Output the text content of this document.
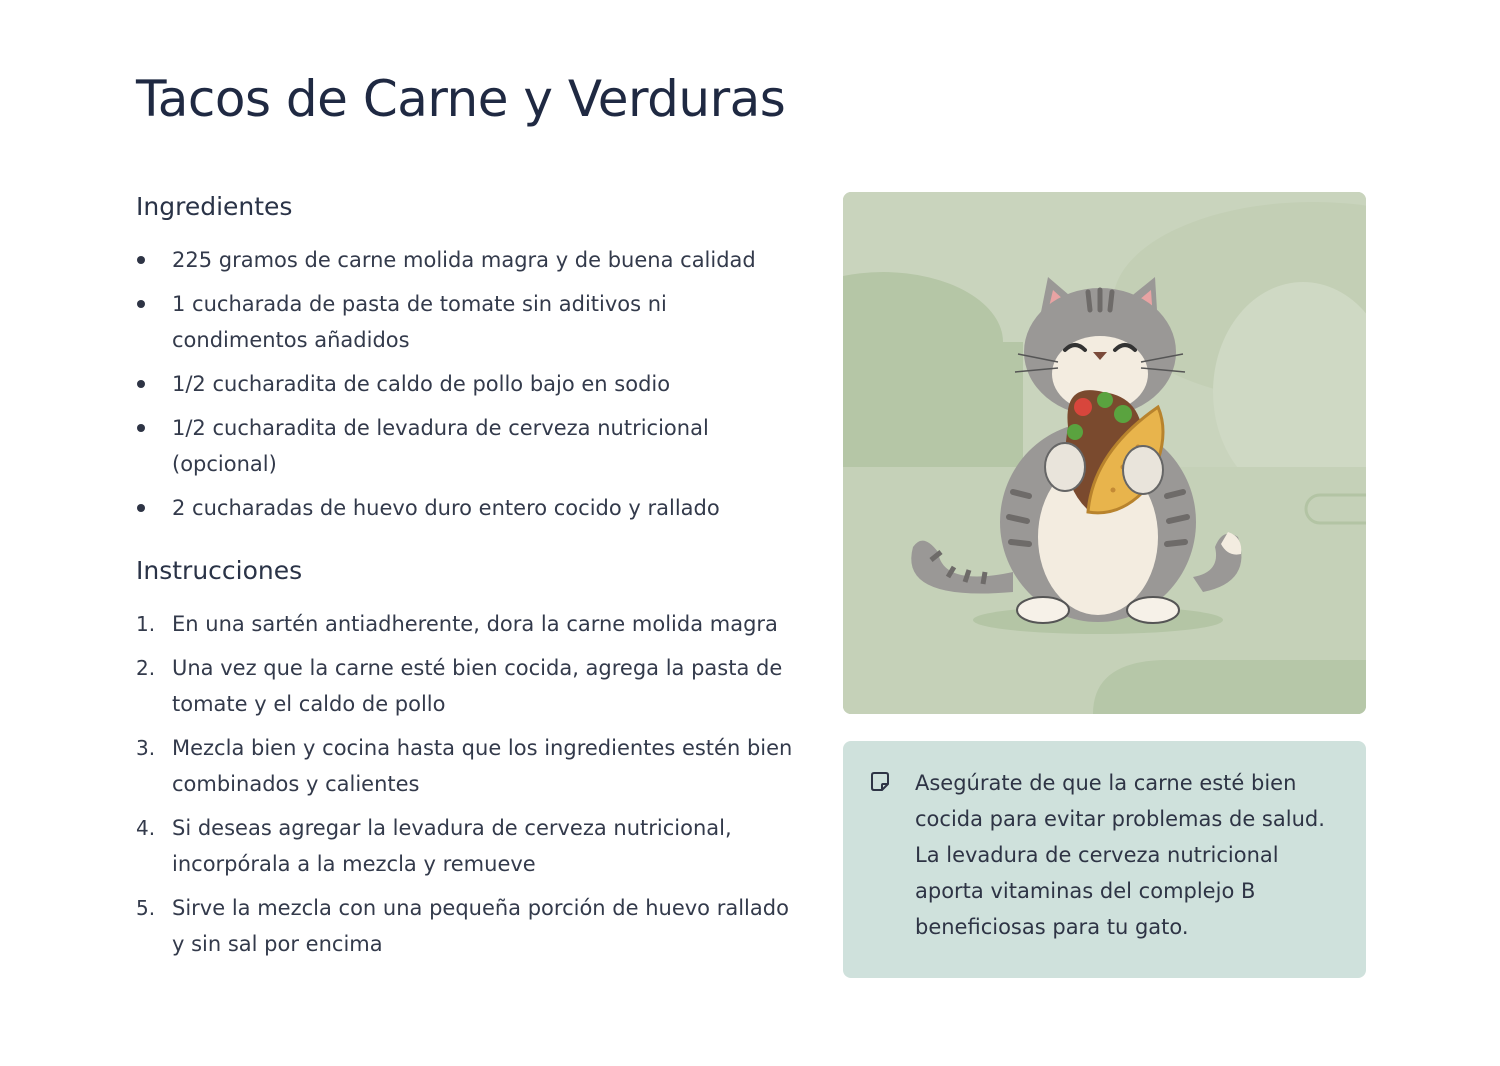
Tacos de Carne y Verduras
Ingredientes
225 gramos de carne molida magra y de buena calidad
1 cucharada de pasta de tomate sin aditivos ni condimentos añadidos
1/2 cucharadita de caldo de pollo bajo en sodio
1/2 cucharadita de levadura de cerveza nutricional (opcional)
2 cucharadas de huevo duro entero cocido y rallado
Instrucciones
1. En una sartén antiadherente, dora la carne molida magra
2. Una vez que la carne esté bien cocida, agrega la pasta de tomate y el caldo de pollo
3. Mezcla bien y cocina hasta que los ingredientes estén bien combinados y calientes
4. Si deseas agregar la levadura de cerveza nutricional, incorpórala a la mezcla y remueve
5. Sirve la mezcla con una pequeña porción de huevo rallado y sin sal por encima

Asegúrate de que la carne esté bien cocida para evitar problemas de salud. La levadura de cerveza nutricional aporta vitaminas del complejo B beneficiosas para tu gato.
